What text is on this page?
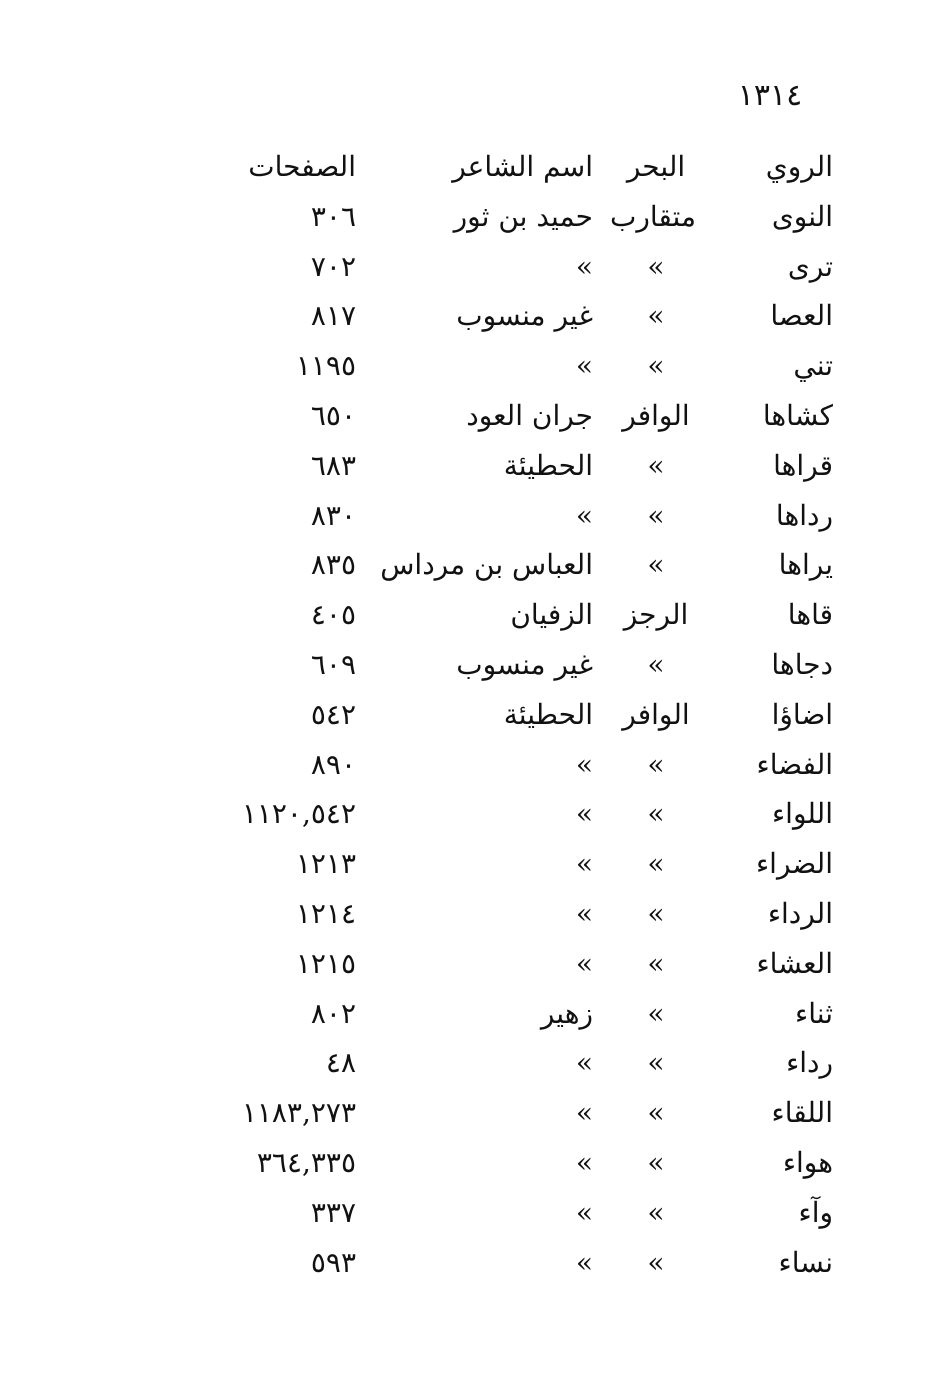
١٣١٤
الروي
البحر
اسم الشاعر
الصفحات
النوى
متقارب
حميد بن ثور
٣٠٦
ترى
»
»
٧٠٢
العصا
»
غير منسوب
٨١٧
تني
»
»
١١٩٥
كشاها
الوافر
جران العود
٦٥٠
قراها
»
الحطيئة
٦٨٣
رداها
»
»
٨٣٠
يراها
»
العباس بن مرداس
٨٣٥
قاها
الرجز
الزفيان
٤٠٥
دجاها
»
غير منسوب
٦٠٩
اضاؤا
الوافر
الحطيئة
٥٤٢
الفضاء
»
»
٨٩٠
اللواء
»
»
١١٢٠,٥٤٢
الضراء
»
»
١٢١٣
الرداء
»
»
١٢١٤
العشاء
»
»
١٢١٥
ثناء
»
زهير
٨٠٢
رداء
»
»
٤٨
اللقاء
»
»
١١٨٣,٢٧٣
هواء
»
»
٣٦٤,٣٣٥
وآء
»
»
٣٣٧
نساء
»
»
٥٩٣
